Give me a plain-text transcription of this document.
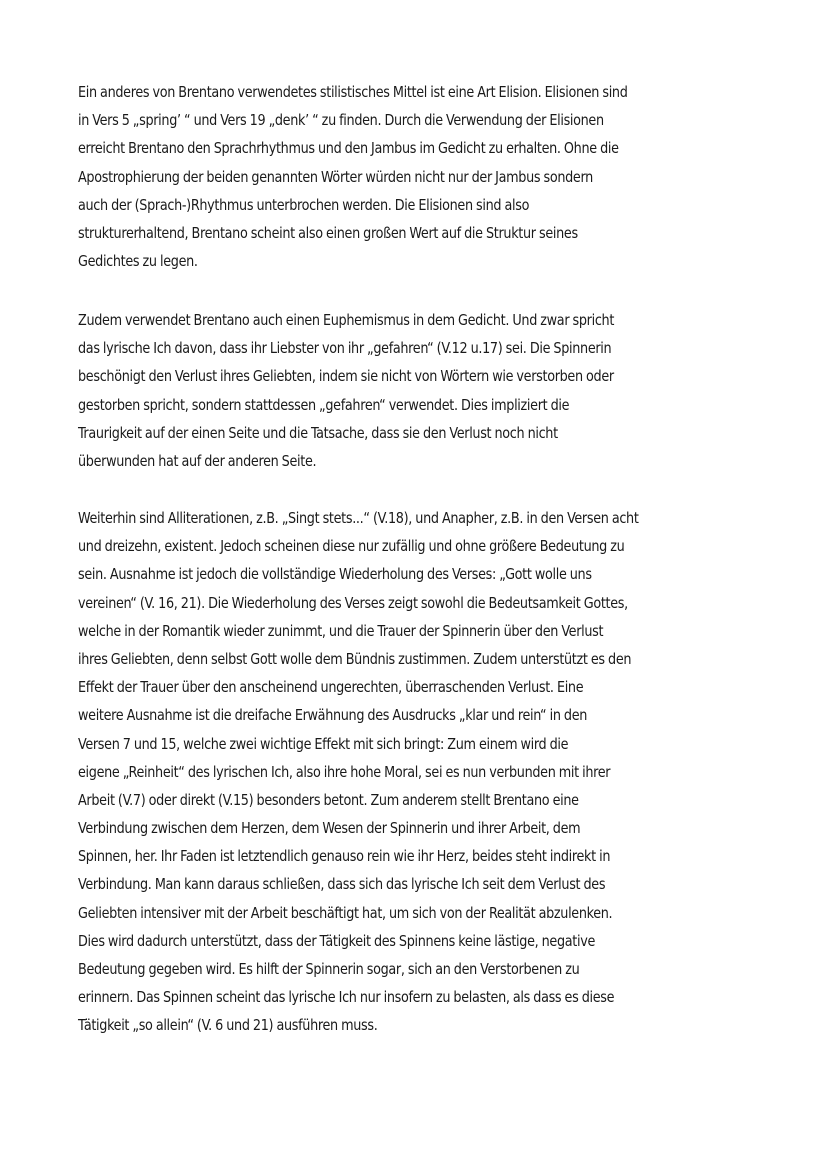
Ein anderes von Brentano verwendetes stilistisches Mittel ist eine Art Elision. Elisionen sind
in Vers 5 „spring’ “ und Vers 19 „denk’ “ zu finden. Durch die Verwendung der Elisionen
erreicht Brentano den Sprachrhythmus und den Jambus im Gedicht zu erhalten. Ohne die
Apostrophierung der beiden genannten Wörter würden nicht nur der Jambus sondern
auch der (Sprach-)Rhythmus unterbrochen werden. Die Elisionen sind also
strukturerhaltend, Brentano scheint also einen großen Wert auf die Struktur seines
Gedichtes zu legen.
Zudem verwendet Brentano auch einen Euphemismus in dem Gedicht. Und zwar spricht
das lyrische Ich davon, dass ihr Liebster von ihr „gefahren“ (V.12 u.17) sei. Die Spinnerin
beschönigt den Verlust ihres Geliebten, indem sie nicht von Wörtern wie verstorben oder
gestorben spricht, sondern stattdessen „gefahren“ verwendet. Dies impliziert die
Traurigkeit auf der einen Seite und die Tatsache, dass sie den Verlust noch nicht
überwunden hat auf der anderen Seite.
Weiterhin sind Alliterationen, z.B. „Singt stets...“ (V.18), und Anapher, z.B. in den Versen acht
und dreizehn, existent. Jedoch scheinen diese nur zufällig und ohne größere Bedeutung zu
sein. Ausnahme ist jedoch die vollständige Wiederholung des Verses: „Gott wolle uns
vereinen“ (V. 16, 21). Die Wiederholung des Verses zeigt sowohl die Bedeutsamkeit Gottes,
welche in der Romantik wieder zunimmt, und die Trauer der Spinnerin über den Verlust
ihres Geliebten, denn selbst Gott wolle dem Bündnis zustimmen. Zudem unterstützt es den
Effekt der Trauer über den anscheinend ungerechten, überraschenden Verlust. Eine
weitere Ausnahme ist die dreifache Erwähnung des Ausdrucks „klar und rein“ in den
Versen 7 und 15, welche zwei wichtige Effekt mit sich bringt: Zum einem wird die
eigene „Reinheit“ des lyrischen Ich, also ihre hohe Moral, sei es nun verbunden mit ihrer
Arbeit (V.7) oder direkt (V.15) besonders betont. Zum anderem stellt Brentano eine
Verbindung zwischen dem Herzen, dem Wesen der Spinnerin und ihrer Arbeit, dem
Spinnen, her. Ihr Faden ist letztendlich genauso rein wie ihr Herz, beides steht indirekt in
Verbindung. Man kann daraus schließen, dass sich das lyrische Ich seit dem Verlust des
Geliebten intensiver mit der Arbeit beschäftigt hat, um sich von der Realität abzulenken.
Dies wird dadurch unterstützt, dass der Tätigkeit des Spinnens keine lästige, negative
Bedeutung gegeben wird. Es hilft der Spinnerin sogar, sich an den Verstorbenen zu
erinnern. Das Spinnen scheint das lyrische Ich nur insofern zu belasten, als dass es diese
Tätigkeit „so allein“ (V. 6 und 21) ausführen muss.
